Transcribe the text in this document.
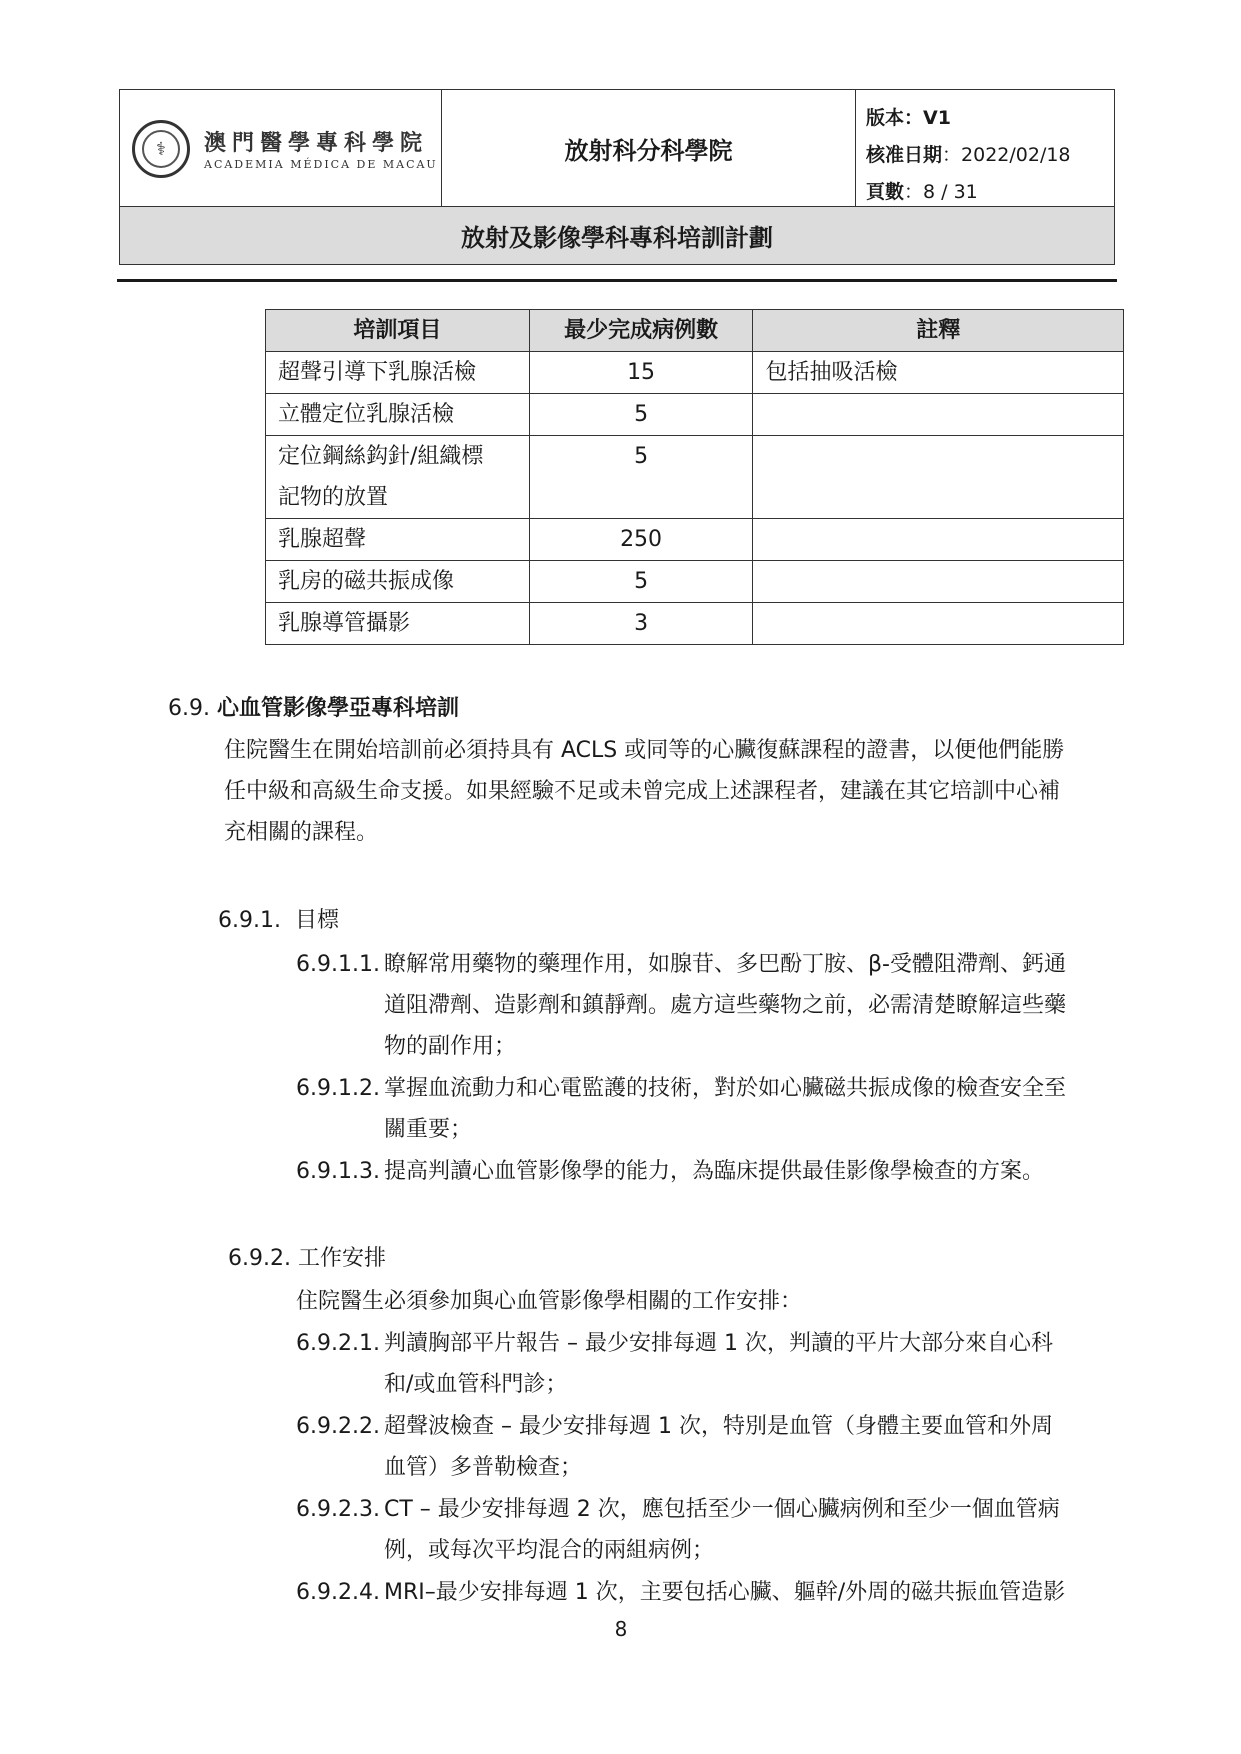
⚕	澳門醫學專科學院
ACADEMIA MÉDICA DE MACAU	放射科分科學院
版本：V1
核准日期：2022/02/18
頁數：8 / 31
放射及影像學科專科培訓計劃
培訓項目	最少完成病例數	註釋
超聲引導下乳腺活檢	15	包括抽吸活檢
立體定位乳腺活檢	5	

定位鋼絲鈎針/組織標
記物的放置	5	
乳腺超聲	250	
乳房的磁共振成像	5	
乳腺導管攝影	3	
6.9. 心血管影像學亞專科培訓
住院醫生在開始培訓前必須持具有 ACLS 或同等的心臟復蘇課程的證書，以便他們能勝
任中級和高級生命支援。如果經驗不足或未曾完成上述課程者，建議在其它培訓中心補
充相關的課程。
6.9.1. 目標
6.9.1.1. 瞭解常用藥物的藥理作用，如腺苷、多巴酚丁胺、β-受體阻滯劑、鈣通
道阻滯劑、造影劑和鎮靜劑。處方這些藥物之前，必需清楚瞭解這些藥
物的副作用；
6.9.1.2. 掌握血流動力和心電監護的技術，對於如心臟磁共振成像的檢查安全至
關重要；
6.9.1.3. 提高判讀心血管影像學的能力，為臨床提供最佳影像學檢查的方案。
6.9.2. 工作安排
住院醫生必須參加與心血管影像學相關的工作安排：
6.9.2.1. 判讀胸部平片報告 – 最少安排每週 1 次，判讀的平片大部分來自心科
和/或血管科門診；
6.9.2.2. 超聲波檢查 – 最少安排每週 1 次，特別是血管（身體主要血管和外周
血管）多普勒檢查；
6.9.2.3. CT – 最少安排每週 2 次，應包括至少一個心臟病例和至少一個血管病
例，或每次平均混合的兩組病例；
6.9.2.4. MRI–最少安排每週 1 次，主要包括心臟、軀幹/外周的磁共振血管造影
8
